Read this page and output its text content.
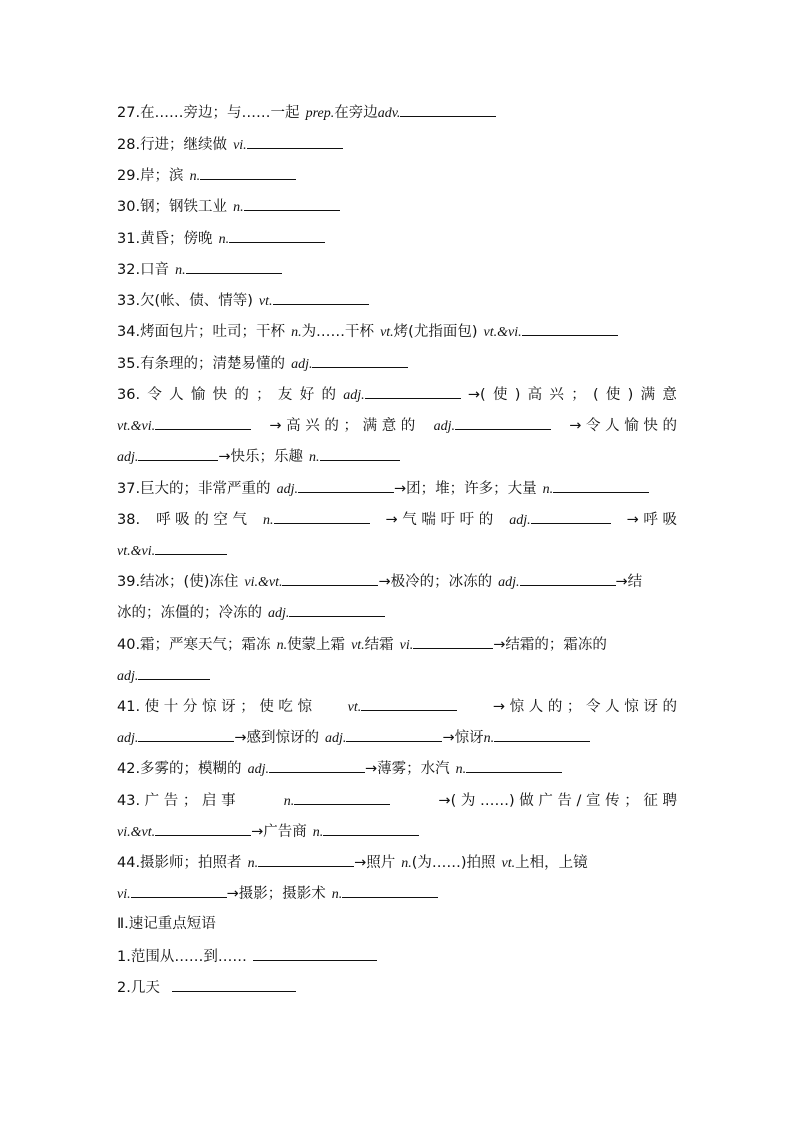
27.在……旁边；与……一起 prep.在旁边adv.
28.行进；继续做 vi.
29.岸；滨 n.
30.钢；钢铁工业 n.
31.黄昏；傍晚 n.
32.口音 n.
33.欠(帐、债、情等) vt.
34.烤面包片；吐司；干杯 n.为……干杯 vt.烤(尤指面包) vt.&vi.
35.有条理的；清楚易懂的 adj.
36. 令 人 愉 快 的 ； 友 好 的 adj.	→( 使 ) 高 兴 ； ( 使 ) 满 意
vt.&vi.	→ 高 兴 的 ； 满 意 的 adj.	→ 令 人 愉 快 的
adj.	→快乐；乐趣 n.
37.巨大的；非常严重的 adj.	→团；堆；许多；大量 n.
38. 呼 吸 的 空 气 n.	→ 气 喘 吁 吁 的 adj.	→ 呼 吸
vt.&vi.
39.结冰；(使)冻住 vi.&vt.	→极冷的；冰冻的 adj.	→结
冰的；冻僵的；冷冻的 adj.
40.霜；严寒天气；霜冻 n.使蒙上霜 vt.结霜 vi.	→结霜的；霜冻的
adj.
41. 使 十 分 惊 讶 ； 使 吃 惊	vt.	→ 惊 人 的 ； 令 人 惊 讶 的
adj.	→感到惊讶的 adj.	→惊讶n.
42.多雾的；模糊的 adj.	→薄雾；水汽 n.
43. 广 告 ； 启 事	n.	→( 为 ……) 做 广 告 / 宣 传 ； 征 聘
vi.&vt.	→广告商 n.
44.摄影师；拍照者 n.	→照片 n.(为……)拍照 vt.上相，上镜
vi.	→摄影；摄影术 n.
Ⅱ.速记重点短语
1.范围从……到……
2.几天
